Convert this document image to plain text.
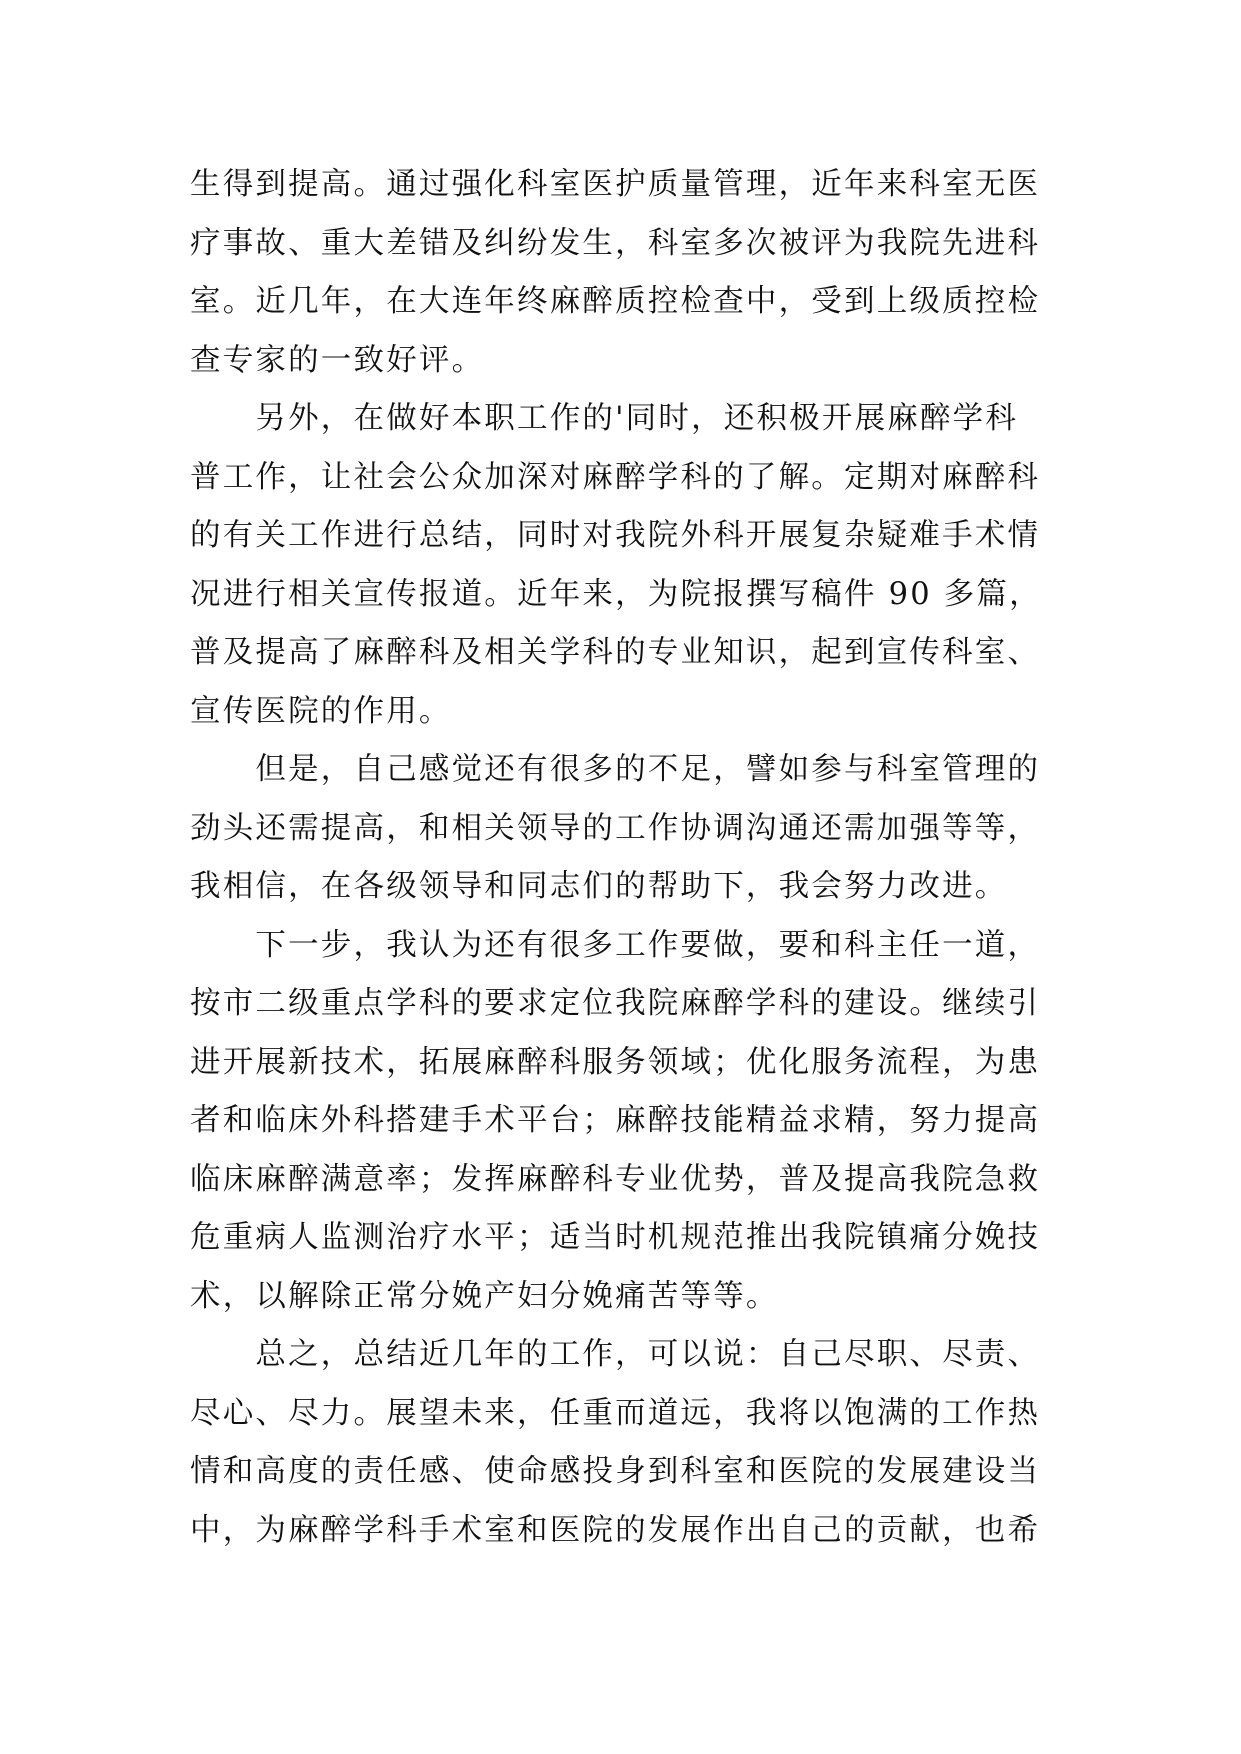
生得到提高。通过强化科室医护质量管理，近年来科室无医
疗事故、重大差错及纠纷发生，科室多次被评为我院先进科
室。近几年，在大连年终麻醉质控检查中，受到上级质控检
查专家的一致好评。
　　另外，在做好本职工作的'同时，还积极开展麻醉学科
普工作，让社会公众加深对麻醉学科的了解。定期对麻醉科
的有关工作进行总结，同时对我院外科开展复杂疑难手术情
况进行相关宣传报道。近年来，为院报撰写稿件 90 多篇，
普及提高了麻醉科及相关学科的专业知识，起到宣传科室、
宣传医院的作用。
　　但是，自己感觉还有很多的不足，譬如参与科室管理的
劲头还需提高，和相关领导的工作协调沟通还需加强等等，
我相信，在各级领导和同志们的帮助下，我会努力改进。
　　下一步，我认为还有很多工作要做，要和科主任一道，
按市二级重点学科的要求定位我院麻醉学科的建设。继续引
进开展新技术，拓展麻醉科服务领域；优化服务流程，为患
者和临床外科搭建手术平台；麻醉技能精益求精，努力提高
临床麻醉满意率；发挥麻醉科专业优势，普及提高我院急救
危重病人监测治疗水平；适当时机规范推出我院镇痛分娩技
术，以解除正常分娩产妇分娩痛苦等等。
　　总之，总结近几年的工作，可以说：自己尽职、尽责、
尽心、尽力。展望未来，任重而道远，我将以饱满的工作热
情和高度的责任感、使命感投身到科室和医院的发展建设当
中，为麻醉学科手术室和医院的发展作出自己的贡献，也希
